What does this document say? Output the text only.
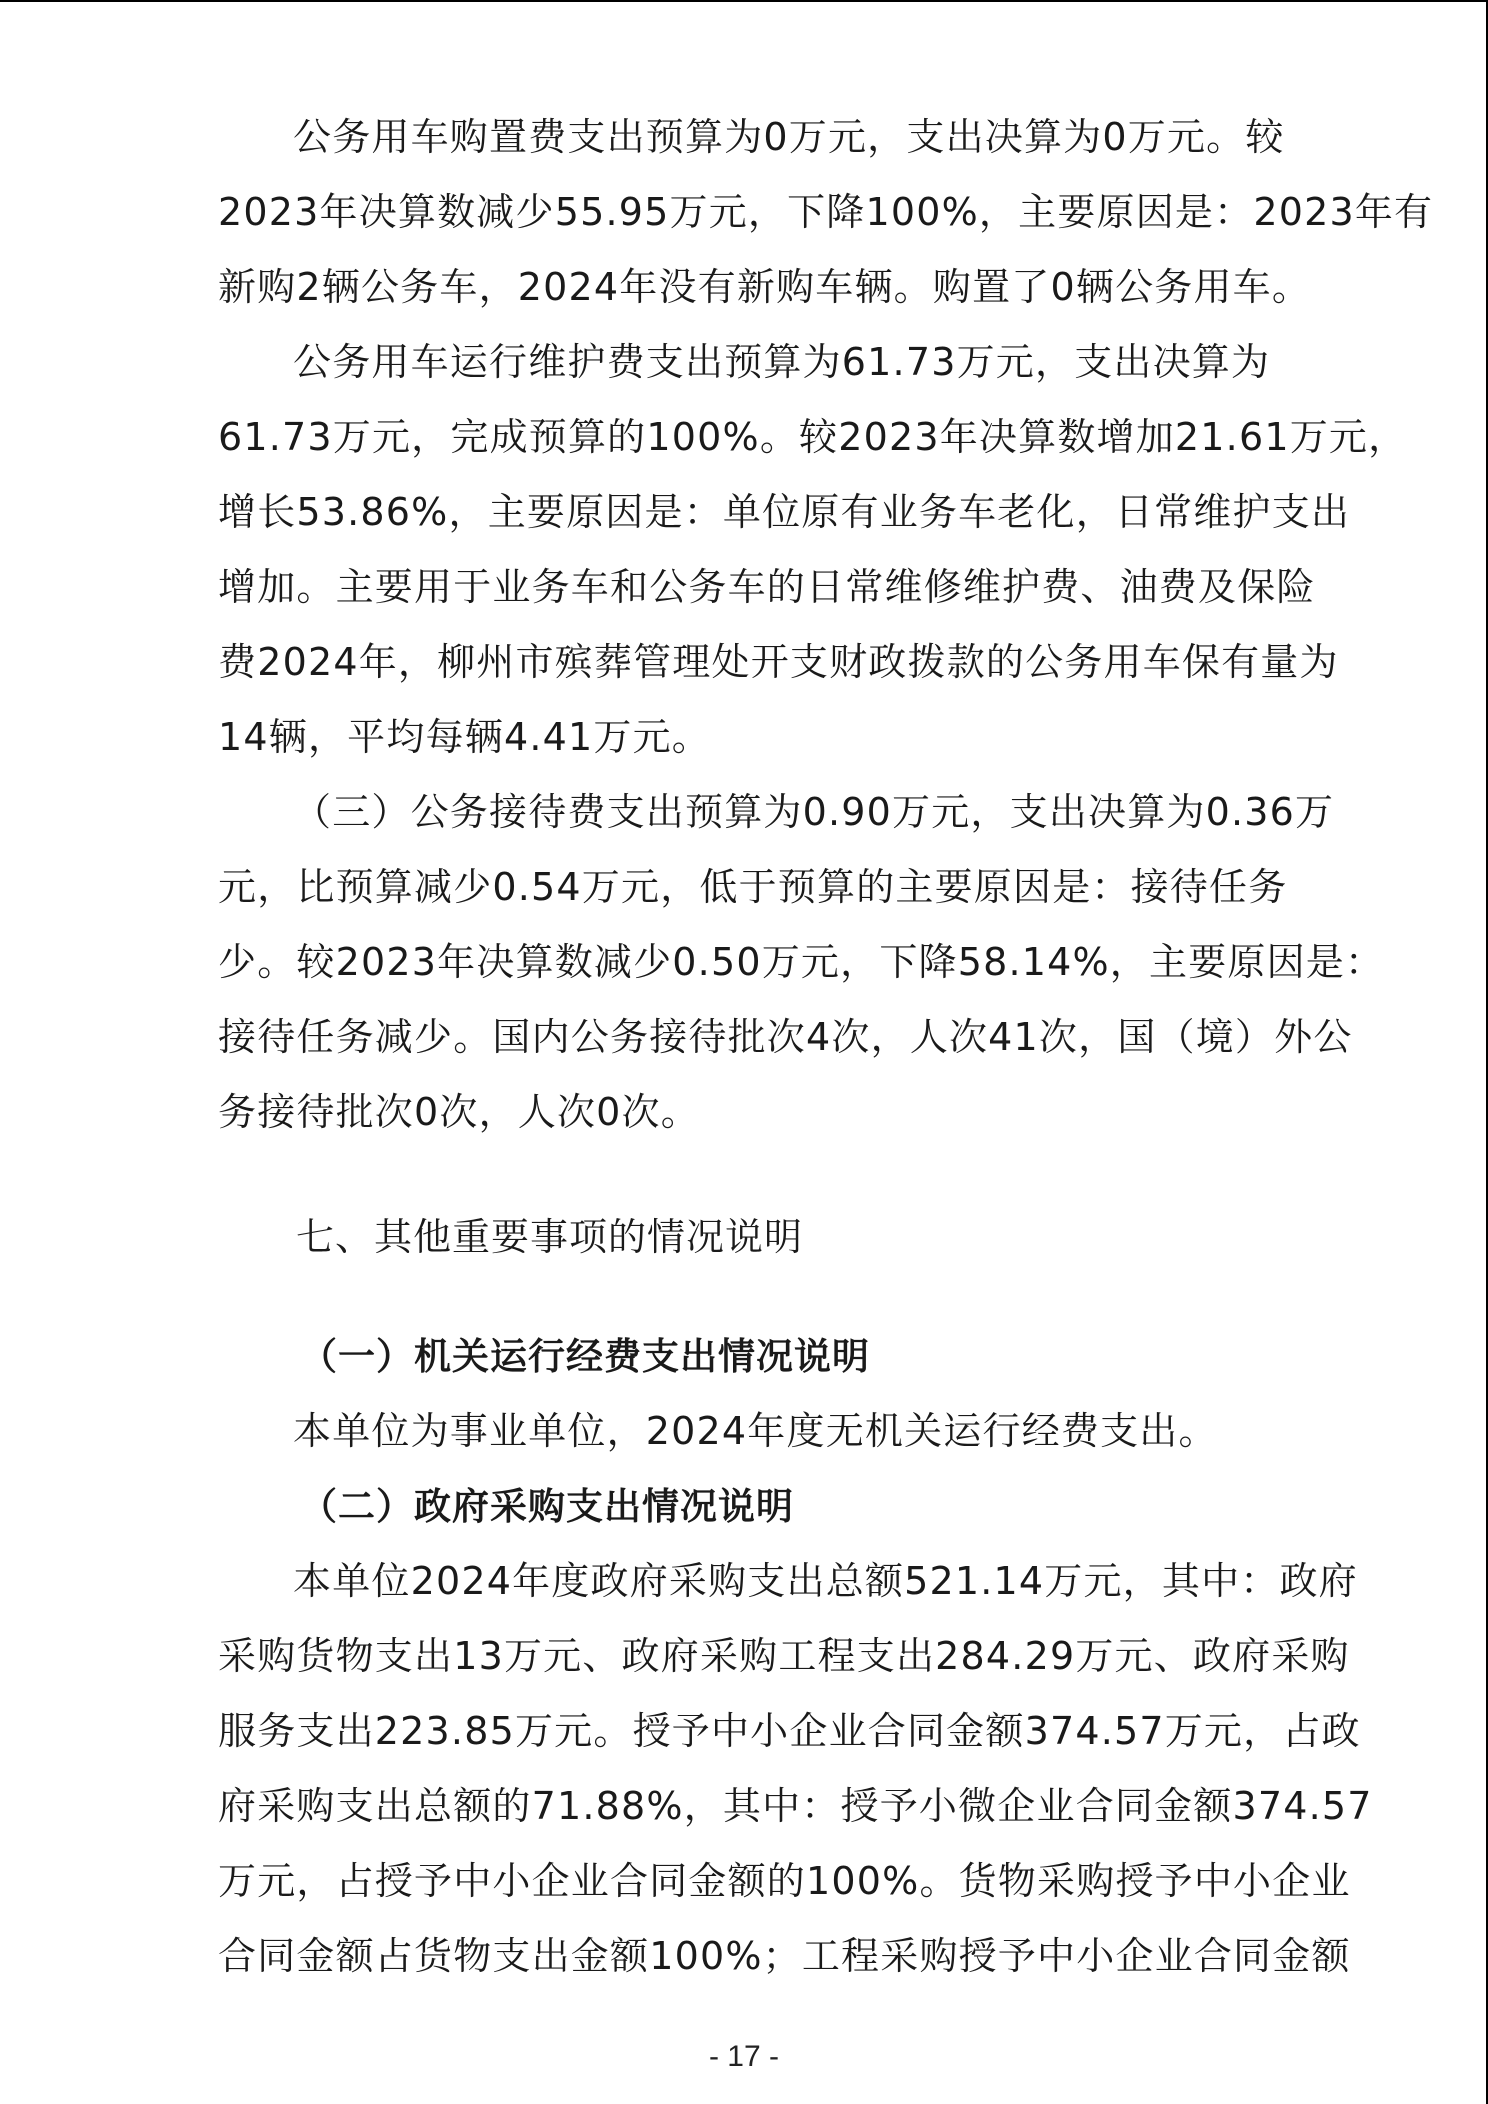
公务用车购置费支出预算为0万元，支出决算为0万元。较
2023年决算数减少55.95万元，下降100%，主要原因是：2023年有
新购2辆公务车，2024年没有新购车辆。购置了0辆公务用车。
公务用车运行维护费支出预算为61.73万元，支出决算为
61.73万元，完成预算的100%。较2023年决算数增加21.61万元，
增长53.86%，主要原因是：单位原有业务车老化，日常维护支出
增加。主要用于业务车和公务车的日常维修维护费、油费及保险
费2024年，柳州市殡葬管理处开支财政拨款的公务用车保有量为
14辆，平均每辆4.41万元。
（三）公务接待费支出预算为0.90万元，支出决算为0.36万
元，比预算减少0.54万元，低于预算的主要原因是：接待任务
少。较2023年决算数减少0.50万元，下降58.14%，主要原因是：
接待任务减少。国内公务接待批次4次，人次41次，国（境）外公
务接待批次0次，人次0次。
七、其他重要事项的情况说明
（一）机关运行经费支出情况说明
本单位为事业单位，2024年度无机关运行经费支出。
（二）政府采购支出情况说明
本单位2024年度政府采购支出总额521.14万元，其中：政府
采购货物支出13万元、政府采购工程支出284.29万元、政府采购
服务支出223.85万元。授予中小企业合同金额374.57万元，占政
府采购支出总额的71.88%，其中：授予小微企业合同金额374.57
万元，占授予中小企业合同金额的100%。货物采购授予中小企业
合同金额占货物支出金额100%；工程采购授予中小企业合同金额
- 17 -
